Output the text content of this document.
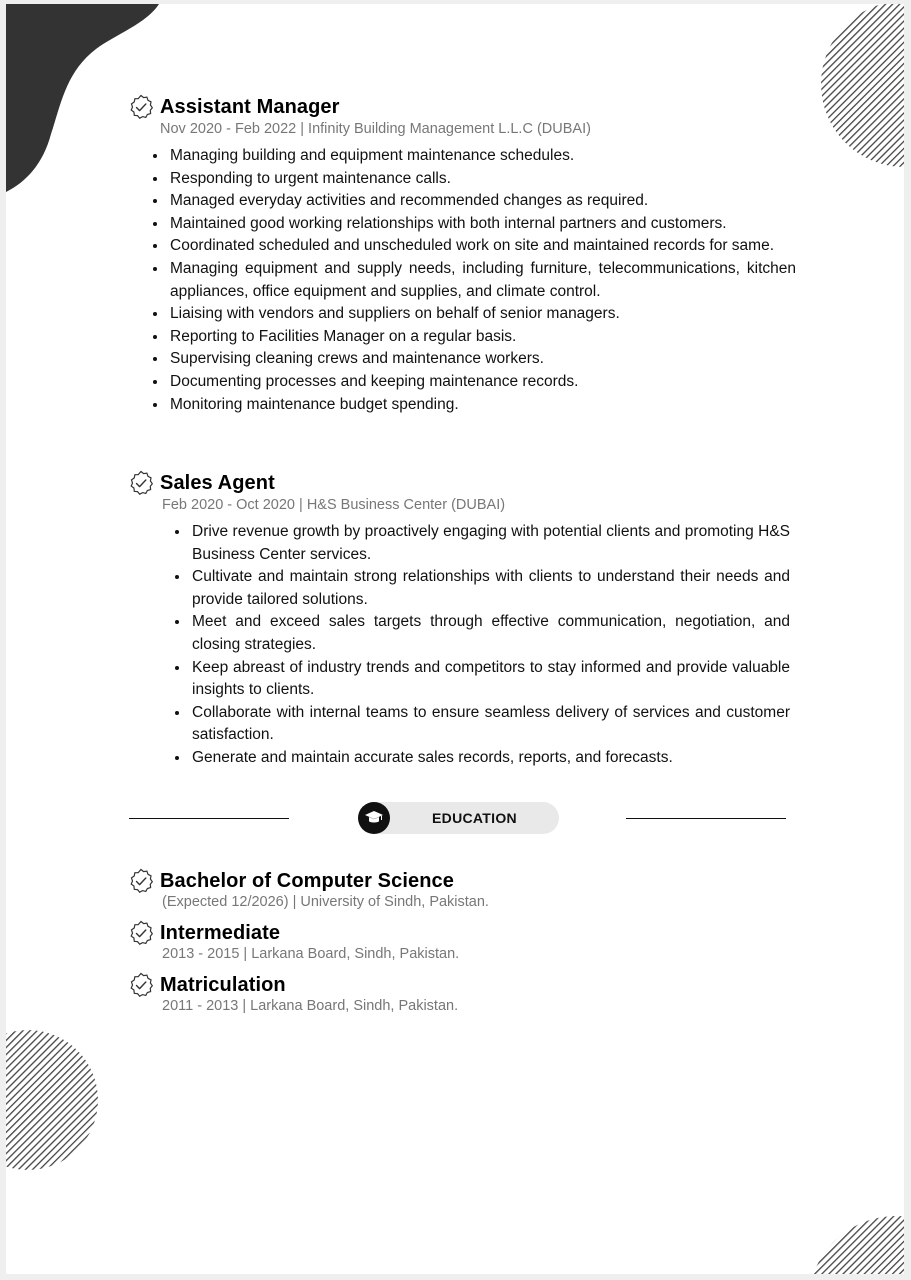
Assistant Manager
Nov 2020 - Feb 2022 | Infinity Building Management L.L.C (DUBAI)
• Managing building and equipment maintenance schedules.
• Responding to urgent maintenance calls.
• Managed everyday activities and recommended changes as required.
• Maintained good working relationships with both internal partners and customers.
• Coordinated scheduled and unscheduled work on site and maintained records for same.
• Managing equipment and supply needs, including furniture, telecommunications, kitchen appliances, office equipment and supplies, and climate control.
• Liaising with vendors and suppliers on behalf of senior managers.
• Reporting to Facilities Manager on a regular basis.
• Supervising cleaning crews and maintenance workers.
• Documenting processes and keeping maintenance records.
• Monitoring maintenance budget spending.
Sales Agent
Feb 2020 - Oct 2020 | H&S Business Center (DUBAI)
• Drive revenue growth by proactively engaging with potential clients and promoting H&S Business Center services.
• Cultivate and maintain strong relationships with clients to understand their needs and provide tailored solutions.
• Meet and exceed sales targets through effective communication, negotiation, and closing strategies.
• Keep abreast of industry trends and competitors to stay informed and provide valuable insights to clients.
• Collaborate with internal teams to ensure seamless delivery of services and customer satisfaction.
• Generate and maintain accurate sales records, reports, and forecasts.
EDUCATION
Bachelor of Computer Science
(Expected 12/2026) | University of Sindh, Pakistan.
Intermediate
2013 - 2015 | Larkana Board, Sindh, Pakistan.
Matriculation
2011 - 2013 | Larkana Board, Sindh, Pakistan.
